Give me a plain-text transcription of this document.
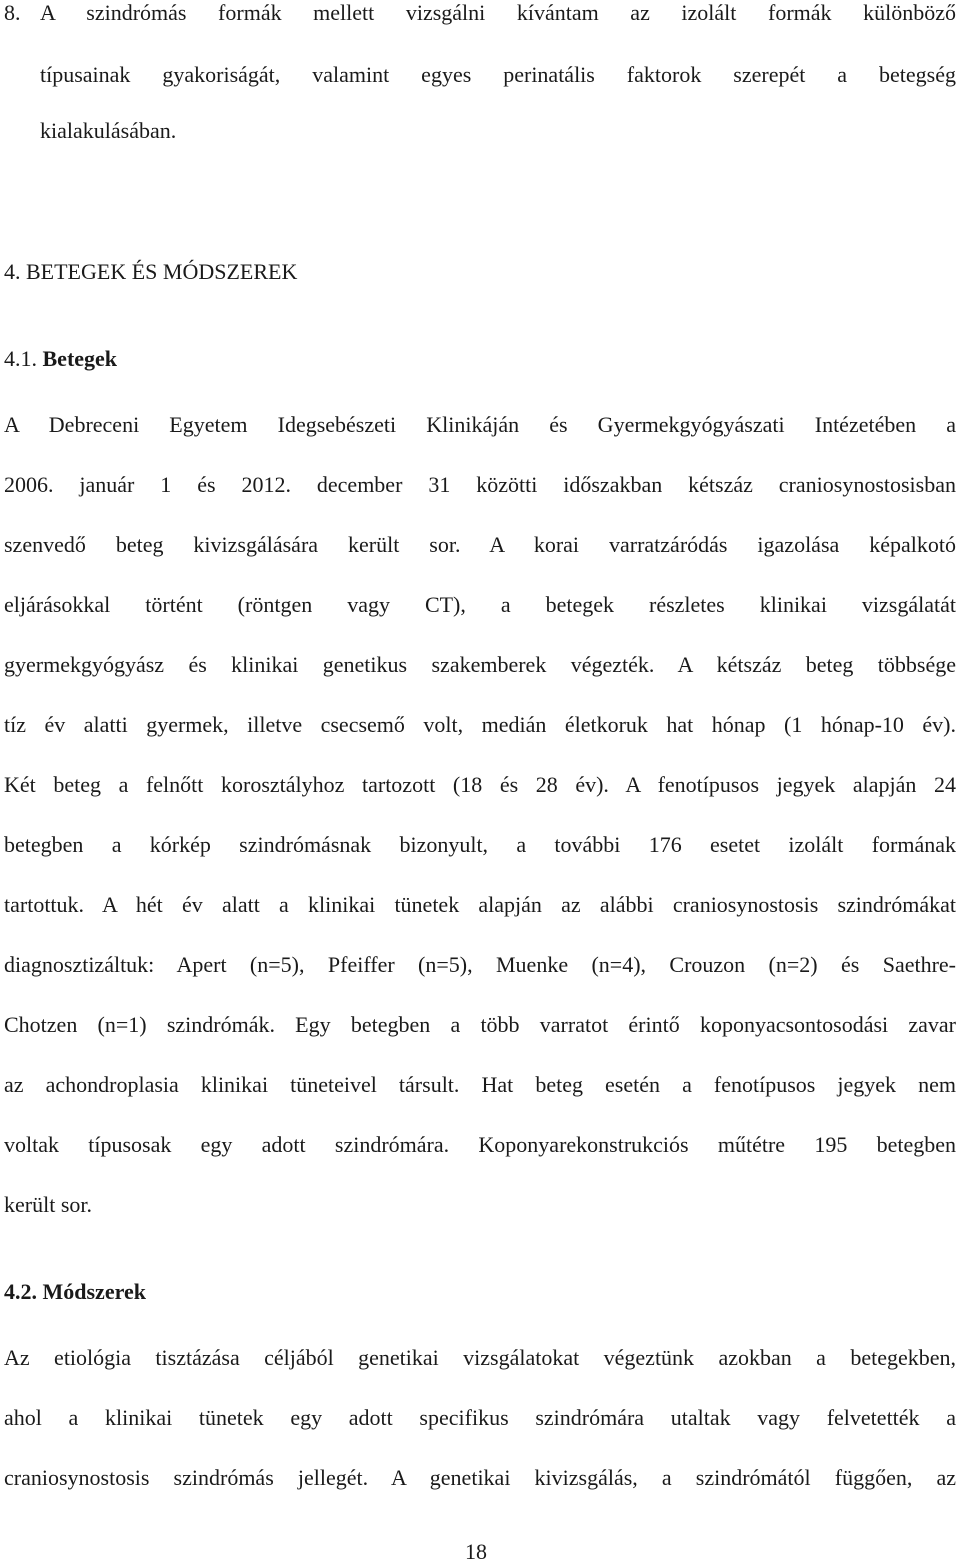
8. A szindrómás formák mellett vizsgálni kívántam az izolált formák különböző
típusainak gyakoriságát, valamint egyes perinatális faktorok szerepét a betegség
kialakulásában.
4. BETEGEK ÉS MÓDSZEREK
4.1. Betegek
A Debreceni Egyetem Idegsebészeti Klinikáján és Gyermekgyógyászati Intézetében a
2006. január 1 és 2012. december 31 közötti időszakban kétszáz craniosynostosisban
szenvedő beteg kivizsgálására került sor. A korai varratzáródás igazolása képalkotó
eljárásokkal történt (röntgen vagy CT), a betegek részletes klinikai vizsgálatát
gyermekgyógyász és klinikai genetikus szakemberek végezték. A kétszáz beteg többsége
tíz év alatti gyermek, illetve csecsemő volt, medián életkoruk hat hónap (1 hónap-10 év).
Két beteg a felnőtt korosztályhoz tartozott (18 és 28 év). A fenotípusos jegyek alapján 24
betegben a kórkép szindrómásnak bizonyult, a további 176 esetet izolált formának
tartottuk. A hét év alatt a klinikai tünetek alapján az alábbi craniosynostosis szindrómákat
diagnosztizáltuk: Apert (n=5), Pfeiffer (n=5), Muenke (n=4), Crouzon (n=2) és Saethre-
Chotzen (n=1) szindrómák. Egy betegben a több varratot érintő koponyacsontosodási zavar
az achondroplasia klinikai tüneteivel társult. Hat beteg esetén a fenotípusos jegyek nem
voltak típusosak egy adott szindrómára. Koponyarekonstrukciós műtétre 195 betegben
került sor.
4.2. Módszerek
Az etiológia tisztázása céljából genetikai vizsgálatokat végeztünk azokban a betegekben,
ahol a klinikai tünetek egy adott specifikus szindrómára utaltak vagy felvetették a
craniosynostosis szindrómás jellegét. A genetikai kivizsgálás, a szindrómától függően, az
18
